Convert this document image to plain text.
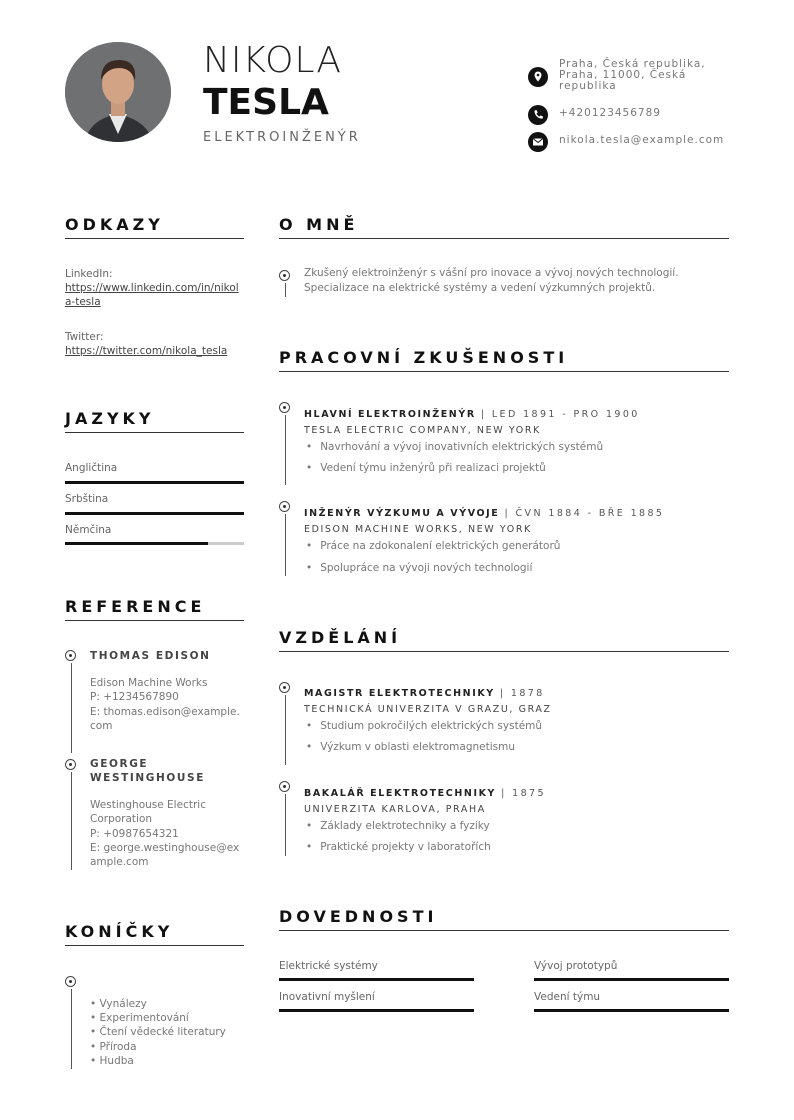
NIKOLA
TESLA
ELEKTROINŽENÝR
Praha, Česká republika, Praha, 11000, Česká republika
+420123456789
nikola.tesla@example.com
ODKAZY
LinkedIn:
https://www.linkedin.com/in/nikola-tesla
Twitter:
https://twitter.com/nikola_tesla
JAZYKY
Angličtina
Srbština
Němčina
REFERENCE
THOMAS EDISON
Edison Machine Works
P: +1234567890
E: thomas.edison@example.com
GEORGE WESTINGHOUSE
Westinghouse Electric Corporation
P: +0987654321
E: george.westinghouse@example.com
KONÍČKY
• Vynálezy
• Experimentování
• Čtení vědecké literatury
• Příroda
• Hudba
O MNĚ
Zkušený elektroinženýr s vášní pro inovace a vývoj nových technologií. Specializace na elektrické systémy a vedení výzkumných projektů.
PRACOVNÍ ZKUŠENOSTI
HLAVNÍ ELEKTROINŽENÝR | LED 1891 - PRO 1900
TESLA ELECTRIC COMPANY, NEW YORK
• Navrhování a vývoj inovativních elektrických systémů
• Vedení týmu inženýrů při realizaci projektů
INŽENÝR VÝZKUMU A VÝVOJE | ČVN 1884 - BŘE 1885
EDISON MACHINE WORKS, NEW YORK
• Práce na zdokonalení elektrických generátorů
• Spolupráce na vývoji nových technologií
VZDĚLÁNÍ
MAGISTR ELEKTROTECHNIKY | 1878
TECHNICKÁ UNIVERZITA V GRAZU, GRAZ
• Studium pokročilých elektrických systémů
• Výzkum v oblasti elektromagnetismu
BAKALÁŘ ELEKTROTECHNIKY | 1875
UNIVERZITA KARLOVA, PRAHA
• Základy elektrotechniky a fyziky
• Praktické projekty v laboratořích
DOVEDNOSTI
Elektrické systémy	Vývoj prototypů
Inovativní myšlení	Vedení týmu
